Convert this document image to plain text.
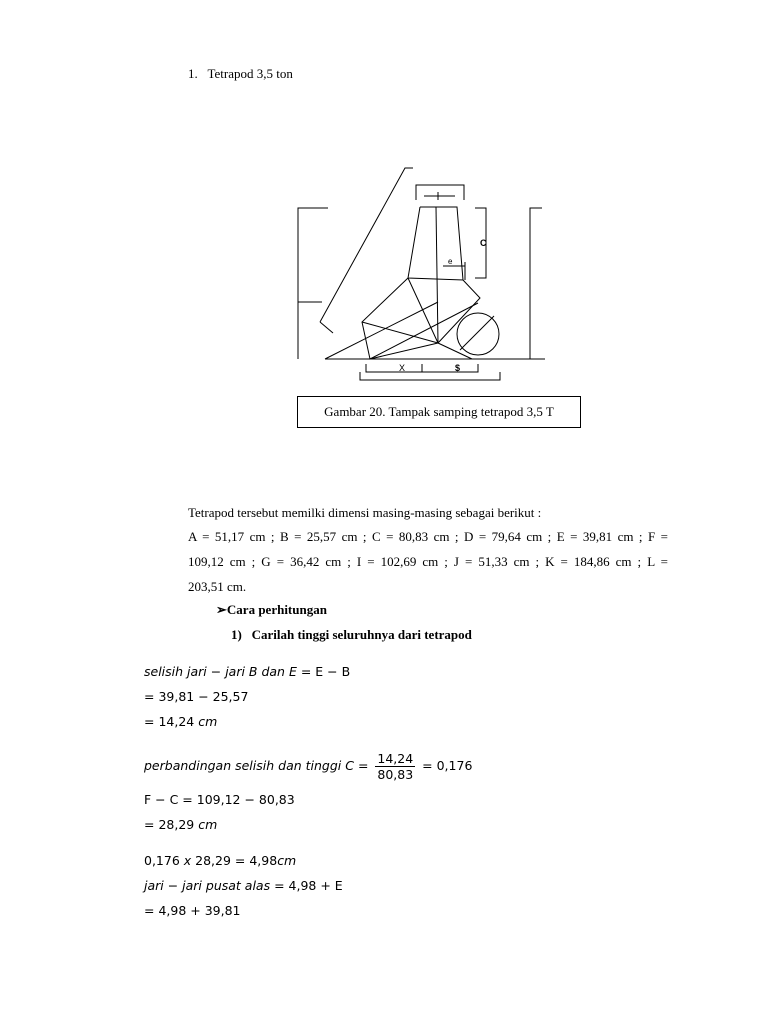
1. Tetrapod 3,5 ton
C
e
X	$
Gambar 20. Tampak samping tetrapod 3,5 T
Tetrapod tersebut memilki dimensi masing-masing sebagai berikut :
A = 51,17 cm ; B = 25,57 cm ; C = 80,83 cm ; D = 79,64 cm ; E = 39,81 cm ; F =
109,12 cm ; G = 36,42 cm ; I = 102,69 cm ; J = 51,33 cm ; K = 184,86 cm ; L =
203,51 cm.
➢Cara perhitungan
1) Carilah tinggi seluruhnya dari tetrapod
selisih jari − jari B dan E = E − B
= 39,81 − 25,57
= 14,24 cm
perbandingan selisih dan tinggi $C = \frac{14,24}{80,83} = 0,176$
F − C = 109,12 − 80,83
= 28,29 cm
0,176 x 28,29 = 4,98cm
jari − jari pusat alas = 4,98 + E
= 4,98 + 39,81
